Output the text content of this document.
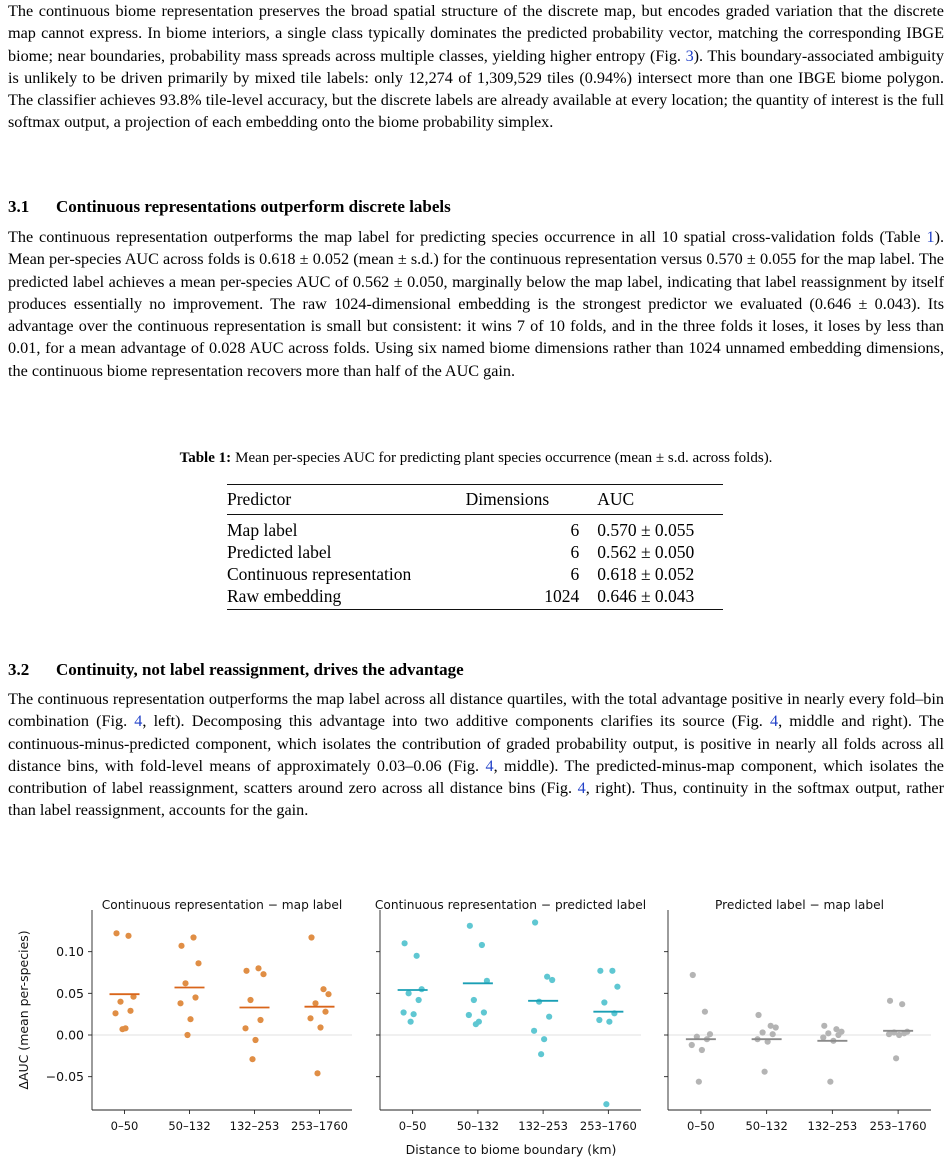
The continuous biome representation preserves the broad spatial structure of the discrete map, but encodes graded variation that the discrete map cannot express. In biome interiors, a single class typically dominates the predicted probability vector, matching the corresponding IBGE biome; near boundaries, probability mass spreads across multiple classes, yielding higher entropy (Fig. 3). This boundary-associated ambiguity is unlikely to be driven primarily by mixed tile labels: only 12,274 of 1,309,529 tiles (0.94%) intersect more than one IBGE biome polygon. The classifier achieves 93.8% tile-level accuracy, but the discrete labels are already available at every location; the quantity of interest is the full softmax output, a projection of each embedding onto the biome probability simplex.
3.1 Continuous representations outperform discrete labels
The continuous representation outperforms the map label for predicting species occurrence in all 10 spatial cross-validation folds (Table 1). Mean per-species AUC across folds is 0.618 ± 0.052 (mean ± s.d.) for the continuous representation versus 0.570 ± 0.055 for the map label. The predicted label achieves a mean per-species AUC of 0.562 ± 0.050, marginally below the map label, indicating that label reassignment by itself produces essentially no improvement. The raw 1024-dimensional embedding is the strongest predictor we evaluated (0.646 ± 0.043). Its advantage over the continuous representation is small but consistent: it wins 7 of 10 folds, and in the three folds it loses, it loses by less than 0.01, for a mean advantage of 0.028 AUC across folds. Using six named biome dimensions rather than 1024 unnamed embedding dimensions, the continuous biome representation recovers more than half of the AUC gain.
Table 1: Mean per-species AUC for predicting plant species occurrence (mean ± s.d. across folds).
Predictor	Dimensions	AUC
Map label	6	0.570 ± 0.055
Predicted label	6	0.562 ± 0.050
Continuous representation	6	0.618 ± 0.052
Raw embedding	1024	0.646 ± 0.043
3.2 Continuity, not label reassignment, drives the advantage
The continuous representation outperforms the map label across all distance quartiles, with the total advantage positive in nearly every fold–bin combination (Fig. 4, left). Decomposing this advantage into two additive components clarifies its source (Fig. 4, middle and right). The continuous-minus-predicted component, which isolates the contribution of graded probability output, is positive in nearly all folds across all distance bins, with fold-level means of approximately 0.03–0.06 (Fig. 4, middle). The predicted-minus-map component, which isolates the contribution of label reassignment, scatters around zero across all distance bins (Fig. 4, right). Thus, continuity in the softmax output, rather than label reassignment, accounts for the gain.
0.10
0.05
0.00
−0.05
0–50	50–132 132–253 253–1760
Continuous representation − map label
0–50	50–132 132–253 253–1760
Continuous representation − predicted label
0–50	50–132 132–253 253–1760
Predicted label − map label
ΔAUC (mean per-species)
Distance to biome boundary (km)
